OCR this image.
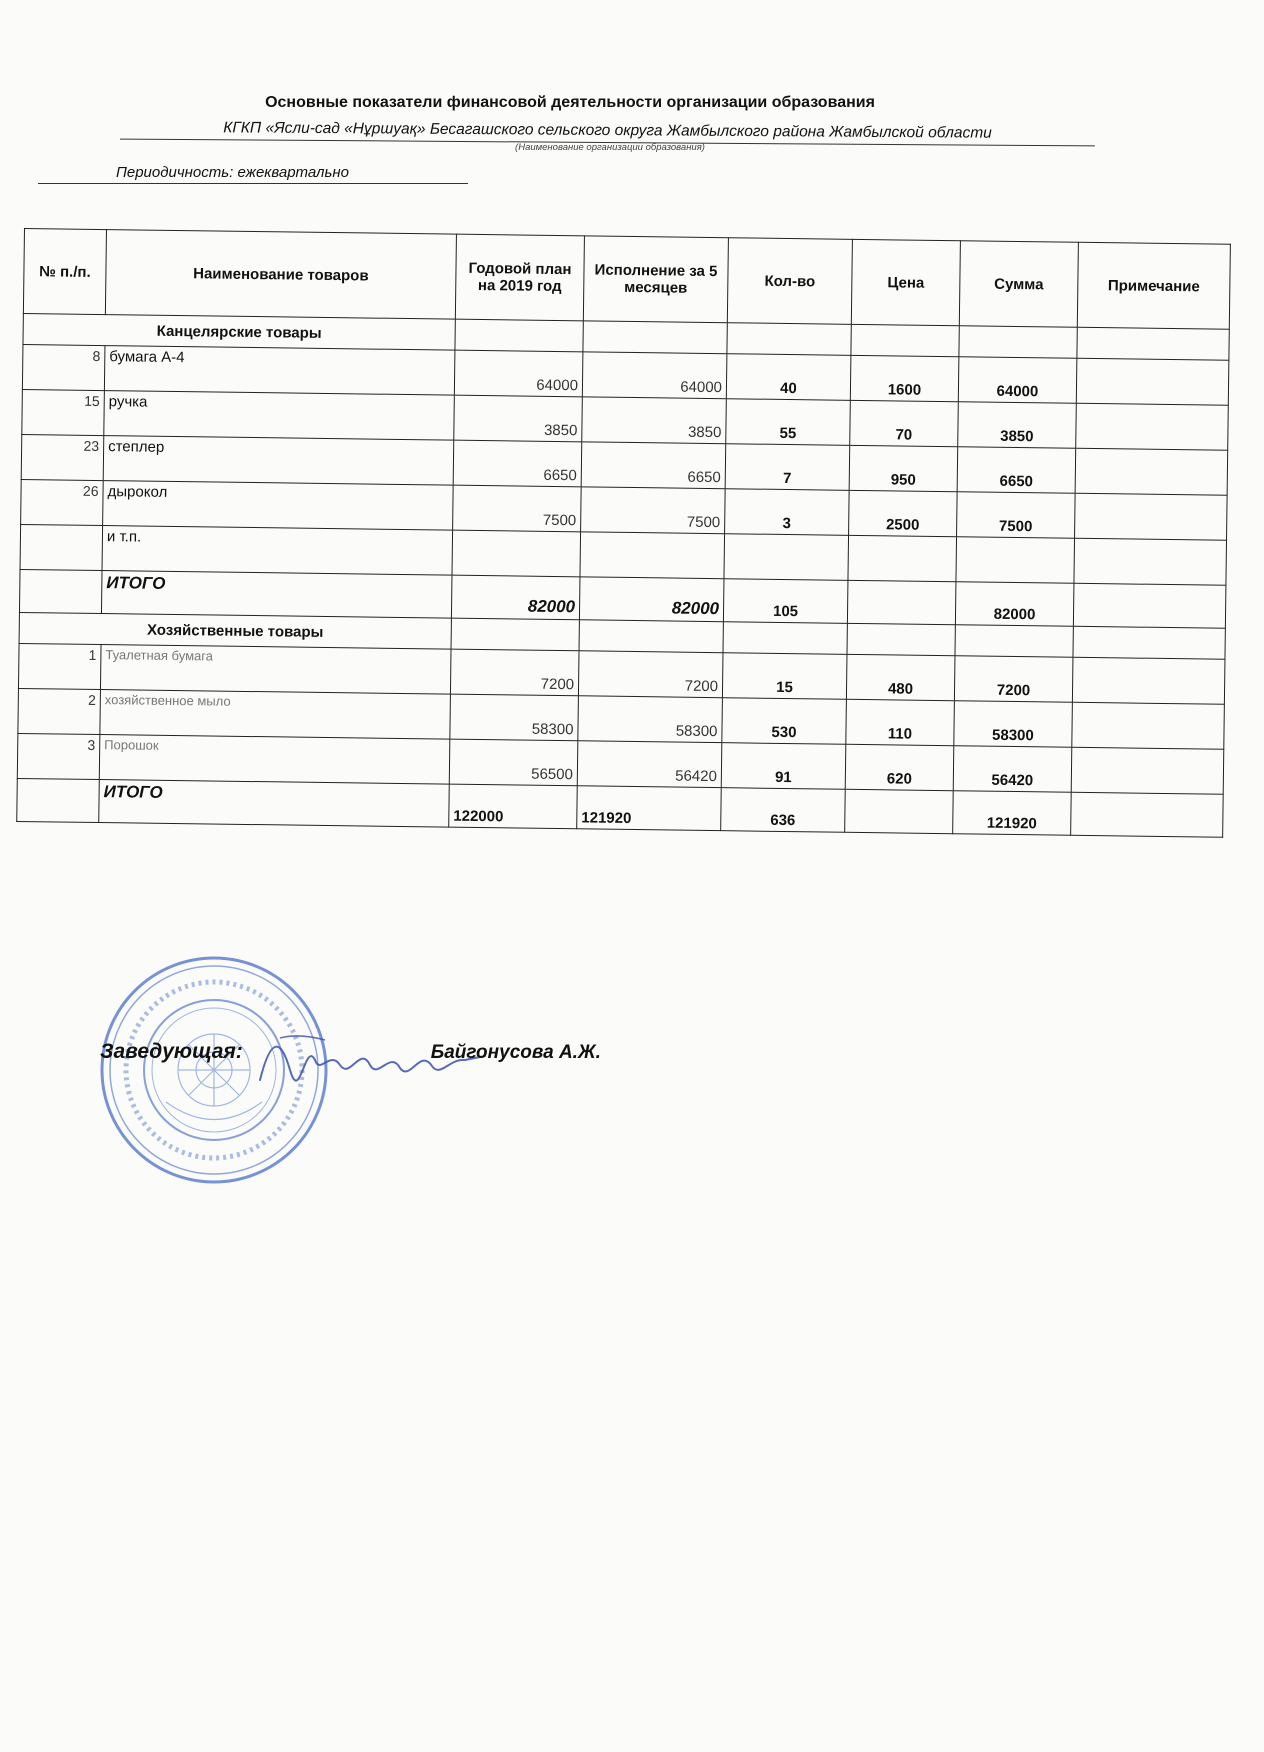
Основные показатели финансовой деятельности организации образования
КГКП «Ясли-сад «Нұршуақ» Бесагашского сельского округа Жамбылского района Жамбылской области
(Наименование организации образования)
Периодичность: ежеквартально
№ п./п.	Наименование товаров	Годовой план на 2019 год	Исполнение за 5 месяцев	Кол-во	Цена	Сумма	Примечание
Канцелярские товары							
8	бумага А-4	64000	64000	40	1600	64000	
15	ручка	3850	3850	55	70	3850	
23	степлер	6650	6650	7	950	6650	
26	дырокол	7500	7500	3	2500	7500	
	и т.п.						
	ИТОГО	82000	82000	105		82000	
Хозяйственные товары							
1	Туалетная бумага	7200	7200	15	480	7200	
2	хозяйственное мыло	58300	58300	530	110	58300	
3	Порошок	56500	56420	91	620	56420	
	ИТОГО	122000	121920	636		121920	
Заведующая:	Байгонусова А.Ж.
